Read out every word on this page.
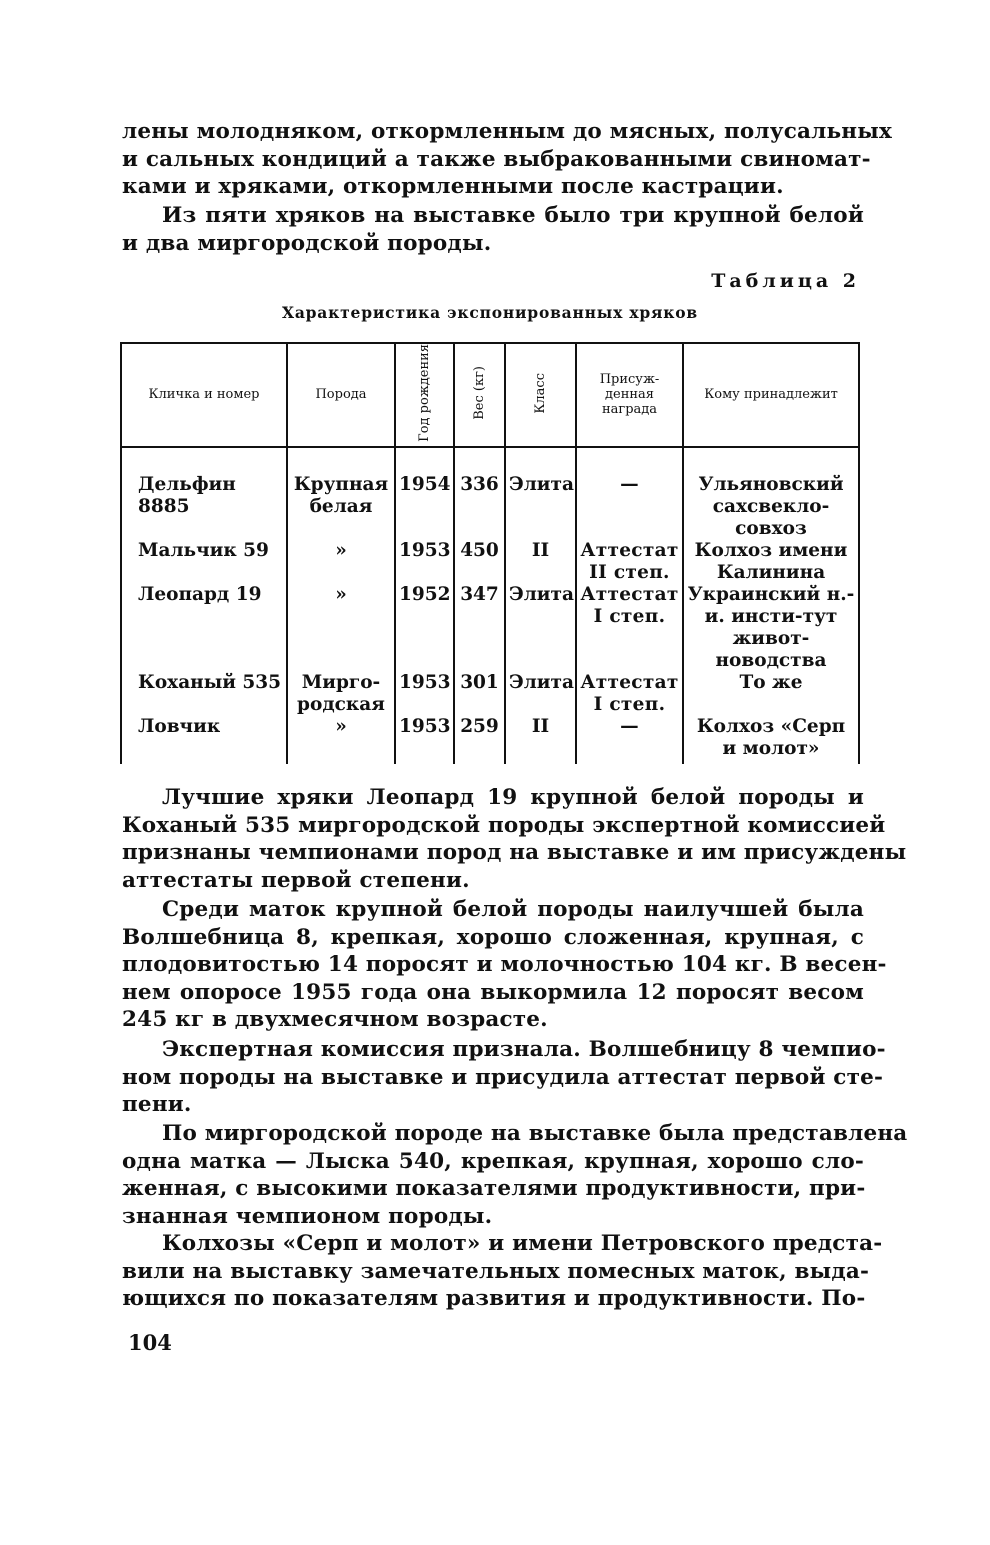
лены молодняком, откормленным до мясных, полусальных
и сальных кондиций а также выбракованными свиномат-
ками и хряками, откормленными после кастрации.
Из пяти хряков на выставке было три крупной белой
и два миргородской породы.
Таблица 2
Характеристика экспонированных хряков
Кличка и номер	Порода	Год рождения	Вес (кг)	Класс	Присуж-денная награда	Кому принадлежит
Дельфин 8885	Крупная белая	1954	336	Элита	—	Ульяновский сахсвекло-совхоз
Мальчик 59	»	1953	450	II	Аттестат II степ.	Колхоз имени Калинина
Леопард 19	»	1952	347	Элита	Аттестат I степ.	Украинский н.-и. инсти-тут живот-новодства
Коханый 535	Мирго-родская	1953	301	Элита	Аттестат I степ.	То же
Ловчик	»	1953	259	II	—	Колхоз «Серп и молот»
Лучшие хряки Леопард 19 крупной белой породы и
Коханый 535 миргородской породы экспертной комиссией
признаны чемпионами пород на выставке и им присуждены
аттестаты первой степени.
Среди маток крупной белой породы наилучшей была
Волшебница 8, крепкая, хорошо сложенная, крупная, с
плодовитостью 14 поросят и молочностью 104 кг. В весен-
нем опоросе 1955 года она выкормила 12 поросят весом
245 кг в двухмесячном возрасте.
Экспертная комиссия признала. Волшебницу 8 чемпио-
ном породы на выставке и присудила аттестат первой сте-
пени.
По миргородской породе на выставке была представлена
одна матка — Лыска 540, крепкая, крупная, хорошо сло-
женная, с высокими показателями продуктивности, при-
знанная чемпионом породы.
Колхозы «Серп и молот» и имени Петровского предста-
вили на выставку замечательных помесных маток, выда-
ющихся по показателям развития и продуктивности. По-
104
